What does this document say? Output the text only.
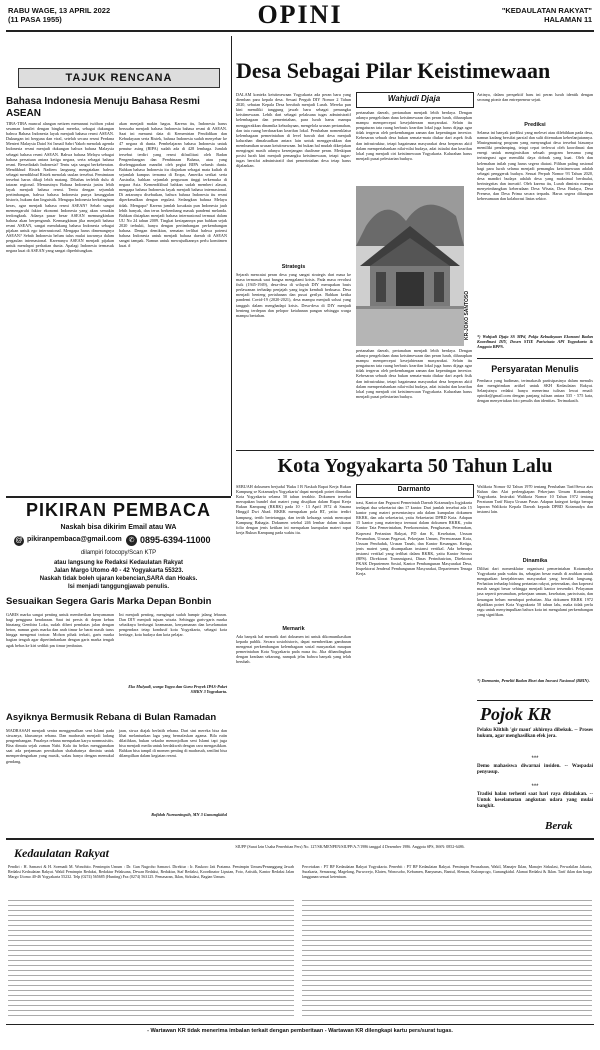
RABU WAGE, 13 APRIL 2022
(11 PASA 1955)	OPINI	"KEDAULATAN RAKYAT"
HALAMAN 11
TAJUK RENCANA
Bahasa Indonesia Menuju Bahasa Resmi ASEAN
TIBA-TIBA muncul alangan netizen memanasi twitbon yakni sesaman familei dengan bingkai mereka, sebagai dukungan bahwa Bahasa Indonesia layak menjadi bahasa resmi ASEAN. Dukungan ini berguna dan viral, setelah secara resmi Perdana Menteri Malaysia Datol Sri Ismail Sabri Yakob menolak agenda Indonesia resmi menjadi dukungan bahwa bahasa Malaysia sebagai bahasa resmi ASEAN. Bahwa bahasa Melayu sebagai bahasa persatuan antara ketiga negara, serta sebagai bahasa resmi. Bersediakah Indonesia? Tentu saja sangat berkeberatan. Mendikbud Ristek Nadiem langsung mengatakan bahwa sebagai mendikbud Ristek menolak usulan tersebut. Pemimtaan tersebut harus dikaji lebih matang. Dibahas terlebih dulu di tataran regional. Menurutnya Bahasa Indonesia justru lebih layak menjadi bahasa resmi. Tentu dengan sejumlah pertimbangan, bahwa bahasa Indonesia punya keunggulan historis, hukum dan linguistik. Mengapa Indonesia berkeinginan keras, agar menjadi bahasa resmi ASEAN? Sebab sangat memengaruhi faktor ekonomi Indonesia yang akan semakin terdongkrak. Adanya pasar besar ASEAN memungkinkan bahasa akan berpengaruh. Kemungkinan jika menjadi bahasa resmi ASEAN, sangat mendukung bahasa Indonesia sebagai pijakan untuk ego internasional. Mengapa harus dimenangnya ASEAN? Sebab Indonesia belum tulus mulai tawarnya dalam pergaulan internasional. Karenanya ASEAN menjadi pijakan untuk mendapat perhatian dunia. Apalagi Indonesia termasuk negara kuat di ASEAN yang sangat diperhitungkan.
akan menjadi makin bagus. Karena itu, Indonesia harus berusaha menjadi bahasa Indonesia bahasa resmi di ASEAN. Saat ini menurut data di Kementrian Pendidikan dan Kebudayaan serta Ristek, bahasa Indonesia sudah menyebar ke 47 negara di dunia. Pembelajaran bahasa Indonesia untuk penutur asing (BIPA) sudah ada di 428 lembaga. Jumlah tersebut terdiri yang resmi difasilitasi oleh Badan Pengembangan dan Pembinaan Bahasa, atau yang diselenggarakan mandiri oleh pegiat BIPA seluruh dunia. Bahkan bahasa Indonesia itu diajarkan sebagai mata kuliah di sejumlah kampus ternama di Eropa, Amerika serikat serta Australia, bahkan sejumlah perguruan tinggi terkemuka di negara Asia. Kemendikbud bahkan sudah memberi alasan, mengapa bahasa Indonesia layak menjadi bahasa internasional. Di antaranya disebutkan, bahwa bahasa Indonesia itu resmi diperkenalkan dengan regulasi. Sedangkan bahasa Melayu tidak. Mengapa? Karena jumlah kosakata pun Indonesia jauh lebih banyak, dan terus berkembang masuk pandemi melanda. Bahkan disiapkan menjadi bahasa internasional termuat dalam UU No 24 tahun 2009. Tingkat kesiapannya pun bahkan sejak 2020 terbukti, hanya dengan pertimbangan perkembangan bahasa. Dengan demikian, sematan terlihat bahwa potensi bahasa Indonesia untuk menjadi bahasa daerah di ASEAN sangat tampak. Namun untuk mewujudkannya perlu komitmen kuat. #
Desa Sebagai Pilar Keistimewaan
DALAM konteks keistimewaan Yogyakarta ada peran baru yang diemban para kepala desa. Sesuai Pergub DIY Nomor 2 Tahun 2020, sebutan Kepala Desa berubah menjadi Lurah. Mereka pun kini memiliki tanggung jawab baru sebagai pemangku keistimewaan. Lebih dari sebagai pelaksana tugas administratif kelembagaan dan pemerintahan, para lurah harus mampu menggerakkan dinamika kebudayaan, mengelola urusan pertanahan, dan tata ruang berdasarkan kearifan lokal. Perubahan nomenklatur kelembagaan pemerintahan di level bawah dari desa menjadi kalurahan dimaksudkan antara lain untuk menggerakkan dan membumikan urusan keistimewaan. Ini bukan hal mudah dikerjakan mengingat masih adanya kesenjangan dualisme peran. Meskipun posisi lurah kini menjadi pemangku keistimewaan, tetapi tugas-tugas bersifat administratif dari pemerintahan desa tetap harus dijalankan.
Strategis
Sejarah mencatat peran desa yang sangat strategis dari masa ke masa termasuk saat bangsa mengalami krisis. Pada masa revolusi fisik (1945-1949), desa-desa di wilayah DIY merupakan basis perlawanan terhadap penjajah yang ingin kembali berkuasa. Desa menjadi benteng pertahanan dan pusat gerilya. Bahkan ketika pandemi Covid-19 (2020-2021), desa mampu menjadi solusi yang tangguh dalam menghadapi krisis. Desa-desa di DIY menjadi benteng terdepan dan pelopor ketahanan pangan sehingga warga mampu bertahan.
Wahjudi Djaja
pertanahan daerah, pertanahan menjadi lebih berdaya. Dengan adanya pengelolaan dana keistimewaan dan peran lurah, diharapkan mampu mempercepat kesejahteraan masyarakat. Selain itu pengaturan tata ruang berbasis kearifan lokal juga harus dijaga agar tidak tergerus oleh perkembangan zaman dan kepentingan investor. Kebesaran sebuah desa bukan semata-mata diukur dari aspek fisik dan infrastruktur, tetapi bagaimana masyarakat desa berperan aktif dalam mempertahankan nilai-nilai budaya, adat istiadat dan kearifan lokal yang menjadi ciri keistimewaan Yogyakarta. Kalurahan harus menjadi pusat pelestarian budaya.
KR-JOKO SANTOSO
pertanahan daerah, pertanahan menjadi lebih berdaya. Dengan adanya pengelolaan dana keistimewaan dan peran lurah, diharapkan mampu mempercepat kesejahteraan masyarakat. Selain itu pengaturan tata ruang berbasis kearifan lokal juga harus dijaga agar tidak tergerus oleh perkembangan zaman dan kepentingan investor. Kebesaran sebuah desa bukan semata-mata diukur dari aspek fisik dan infrastruktur, tetapi bagaimana masyarakat desa berperan aktif dalam mempertahankan nilai-nilai budaya, adat istiadat dan kearifan lokal yang menjadi ciri keistimewaan Yogyakarta. Kalurahan harus menjadi pusat pelestarian budaya.
Artinya, dalam perspektif baru ini peran lurah identik dengan seorang pionir dan entrepreneur sejati.
Prediksi
Selama ini banyak prediksi yang meleset atau dilebihkan pada desa, namun kadang bersifat parsial dan sulit ditemukan keberlanjutannya. Masingmasing program yang menyangkut desa tersebut biasanya memiliki pendamping, tetapi cepat terlewat oleh koordinasi dan energi untuk mengimisikan sebuah program bersama yang terintegrasi agar memiliki daya dobrak yang kuat. Oleh dan kelemahan inilah yang harus segera diatasi. Pilihan paling rasional bagi para lurah selama menjadi pemangku keistimewaan adalah sebagai penggerak budaya. Sesuai Perpub Nomor 93 Tahun 2020, desa mandiri budaya adalah desa yang maksimal berdaulat, berintegritas dan inovatif. Oleh karena itu, Lurah diminta mampu menyeimbangkan keberadaan Desa Wisata, Desa Budaya, Desa Preneur, dan Desa Prima secara terpadu. Harus segera dibangun kebersamaan dan kolaborasi lintas sektor.
*) Wahjudi Djaja SS MPd, Pokja Kebudayaan Ekonomi Badan Koordinasi DIY, Dosen STIE Pariwisata API Yogyakarta & Anggota BPPS.
Persyaratan Menulis
Pembaca yang budiman, terimakasih partisipasinya dalam menulis dan mengirimkan artikel untuk SKH Kedaulatan Rakyat. Selanjutnya redaksi hanya menerima tulisan lewat email: opinikr@gmail.com dengan panjang tulisan antara 535 - 575 kata, dengan menyertakan foto penulis dan identitas. Terimakasih.
Kota Yogyakarta 50 Tahun Lalu
SEBUAH dokumen berjudul 'Buku I B Naskah Rapat Kerja Rukun Kampung se Kotamadya Yogyakarta' dapat menjadi potret dinamika Kota Yogyakarta selama 50 tahun terakhir. Dokumen tersebut merupakan bundel dari materi yang disajikan dalam Rapat Kerja Rukun Kampung (RKRK) pada 10 - 13 April 1972 di Sasana Hinggil Dwi Abad. RKRK merupakan pola RT, yaitu: terdiri kampung, tertib bertetangga, dan tertib keluarga untuk mencapai Kampung Bahagia. Dokumen setebal 246 lembar dalam ukuran folio dengan jenis ketikan ini merupakan kumpulan materi rapat kerja Rukun Kampung pada waktu itu.
Memarik
Ada banyak hal menarik dari dokumen ini untuk dikomunikasikan kepada publik. Secara sosiohistoris, dapat memberikan gambaran mengenai perkembangan kelembagaan sosial masyarakat maupun pemerintahan Kota Yogyakarta pada masa itu. Jika dibandingkan dengan keadaan sekarang, nampak jelas bahwa banyak yang telah berubah.
Darmanto
trasi, Kantor dan Pegawai Pemerintah Daerah Kotamadya Jogjakarta terdapat dua sekretariat dan 17 kantor. Dari jumlah tersebut ada 15 kantor yang materi presentasinya ada dalam kumpulan dokumen RKRK, dan ada sekretariat, yaitu Sekretariat DPRD Kota. Adapun 15 kantor yang materinya termuat dalam dokumen RKRK, yaitu Kantor Tata Pemerintahan, Perekonomian, Pengluasan, Peternakan, Koperasi Pertanian Rakyat, PD dan K, Kesehatan, Urusan Perumahan, Urusan Pegawai, Pekerjaan Umum, Perencanaan Kota, Urusan Penduduk, Urusan Tanah, dan Kantor Keuangan. Ketiga, jenis materi yang disampaikan instansi vertikal. Ada beberapa instansi vertikal yang terlibat dalam RKRK, yaitu Kantor Sensus (BPS). Direktorat Transmigrasi, Dinas Perindustrian, Direktorat PKAK Departemen Sosial, Kantor Pembangunan Masyarakat Desa, Inspektorat Jenderal Pembangunan Masyarakat, Departemen Tenaga Kerja.
Walikota Nomor 02 Tahun 1970 tentang Perubahan Tarif/Sewa atas Bahan dan Alat perlengkapan Pekerjaan Umum Kotamadya Yogyakarta. Instruksi Walikota Nomor 10 Tahun 1972 tentang Peraturan Tarif Biaya Urusan Pasar. Adapun kategori ketiga berupa laporan Walikota Kepala Daerah kepada DPRD Kotamadya dan instansi lain.
Dinamika
Dilihat dari nomenklatur organisasi pemerintahan Kotamadya Yogyakarta pada waktu itu, sebagian besar masih di arahkan untuk menguatkan kesejahteraan masyarakat yang bersifat langsung. Perhatian terhadap bidang pertanian rakyat, peternakan, dan koperasi masih sangat besar sehingga menjadi kantor tersendiri. Pelayanan jasa seperti perumahan, pekerjaan umum, kesehatan, pariwisata, dan keuangan belum mendapat perhatian. Jika dokumen RKRK 1972 dijadikan potret Kota Yogyakarta 50 tahun lalu, maka tidak perlu ragu untuk menyimpulkan bahwa kota ini mengalami perkembangan yang signifikan.
*) Darmanto, Peneliti Badan Riset dan Inovasi Nasional (BRIN).
Pojok KR
Pelaku Klithih 'gir maut' akhirnya dibekuk. -- Proses hukum, agar menghasilkan efek jera.
***
Demo mahasiswa diwarnai insiden. -- Waspadai penyusup.
***
Tradisi halan terhenti saat hari raya ditiadakan. -- Untuk keselamatan angkutan udara yang mulai bangkit.
Berak
PIKIRAN PEMBACA
Naskah bisa dikirim Email atau WA
@ pikiranpembaca@gmail.com ✆ 0895-6394-11000
dilampiri fotocopy/Scan KTP
atau langsung ke Redaksi Kedaulatan Rakyat
Jalan Margo Utomo 40 - 42 Yogyakarta 55323.
Naskah tidak boleh ujaran kebencian,SARA dan Hoaks.
Isi menjadi tanggungjawab penulis.
Sesuaikan Segera Garis Marka Depan Bonbin
GARIS marka sangat penting untuk memberikan kenyamanan bagi pengguna kendaraan. Saat ini persis di depan kebun binatang Gembira Loka, sudah diberi pembatas jalan dengan beton, namun garis marka dan arah timur ke barat masih turus hingga mengenai trotoar. Mohon pihak terkait, garis marka bagian tengah agar dipertimbankan dengan garis marka tengah agak bebas ke kiri sedikit pas timur jembatan.
Ini menjadi penting, mengingat sudah hampir jalang lebaran. Dan DIY menjadi tujuan wisata. Sehingga garis-garis marka sebaiknya berfungsi keamanan, kenyamanan dan keselamatan pengendara tetap kondusif kota Yogyakarta, sebagai kota heritage, kota budaya dan kota pelajar.
Eko Mulyadi, warga Yogya dan Guru Proyek IPAS-Paket SMKN 3 Yogyakarta.
Asyiknya Bermusik Rebana di Bulan Ramadan
MADRASAH menjadi sentra menggenalkan seni Islami pada siswanya, khususnya rebana. Dan madrasah menjadi ladang pengembangan. Pasalnya rebana merupakan karya nonmusisitis. Bisa dimata sejak zaman Nabi. Kala itu belias menggunakan saat ada perjamuan pernikahan shahabatnya diminta untuk memperdengarkan yang musik, walau hanya dengan memukul gendang.
jaan, siswa diajak berlatih rebana. Dari sini mereka bisa dan lihai melantunkan lagu yang bernafaskan agama. Bila rutin dilatihkan, bukan sekadar menonjolkan seni Islami tapi juga bisa menjadi media untuk berdakwah dengan cara mengasikkan. Bahkan bisa tampil di momen penting di madrasah, senilini bisa dilampilkan dalam kegiatan resmi.
Rofidah Nurnaningsih, MN 3 Gunungkidul
Kedaulatan Rakyat	SIUPP (Surat Izin Usaha Penerbitan Pers) No. 127/SK/MENPEN/SIUPP/A.7/1986 tanggal 4 Desember 1986. Anggota SPS, ISSN: 0852-6486.
Pendiri : H. Samawi & H. Soemadi M. Wonohito. Pemimpin Umum : Dr. Gun Nugroho Samawi. Direktur : Ir. Baskoro Jati Pratama. Pemimpin Umum/Penanggung Jawab Redaksi Kedaulatan Rakyat. Wakil Pemimpin Redaksi, Redaktur Pelaksana, Dewan Redaksi, Redaktur, Staf Redaksi, Koordinator Liputan, Foto, Artistik, Kantor Redaksi Jalan Margo Utomo 40-46 Yogyakarta 55232. Telp (0274) 565685 (Hunting) Fax (0274) 563125. Pemasaran, Iklan, Sirkulasi, Bagian Umum.
Percetakan : PT BP Kedaulatan Rakyat Yogyakarta. Penerbit : PT BP Kedaulatan Rakyat. Pemimpin Perusahaan, Wakil, Manajer Iklan, Manajer Sirkulasi, Perwakilan Jakarta, Surakarta, Semarang, Magelang, Purworejo, Klaten, Wonosobo, Kebumen, Banyumas, Bantul, Sleman, Kulonprogo, Gunungkidul. Alamat Redaksi & Iklan. Tarif iklan dan harga langganan sesuai ketentuan.
- Wartawan KR tidak menerima imbalan terkait dengan pemberitaan - Wartawan KR dilengkapi kartu pers/surat tugas.
